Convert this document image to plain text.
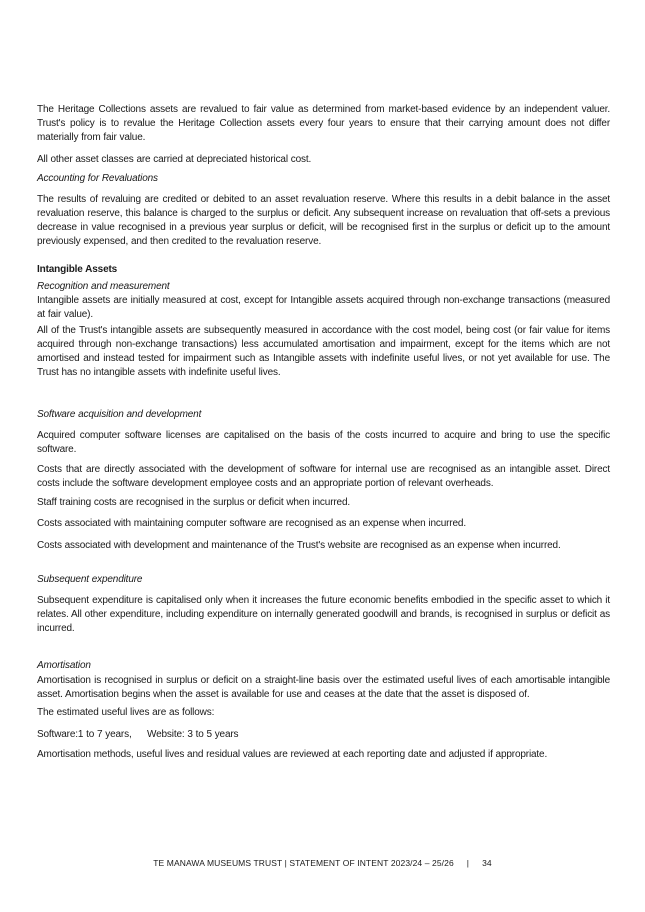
The Heritage Collections assets are revalued to fair value as determined from market-based evidence by an independent valuer. Trust's policy is to revalue the Heritage Collection assets every four years to ensure that their carrying amount does not differ materially from fair value.

All other asset classes are carried at depreciated historical cost.

Accounting for Revaluations

The results of revaluing are credited or debited to an asset revaluation reserve. Where this results in a debit balance in the asset revaluation reserve, this balance is charged to the surplus or deficit. Any subsequent increase on revaluation that off-sets a previous decrease in value recognised in a previous year surplus or deficit, will be recognised first in the surplus or deficit up to the amount previously expensed, and then credited to the revaluation reserve.

Intangible Assets

Recognition and measurement

Intangible assets are initially measured at cost, except for Intangible assets acquired through non-exchange transactions (measured at fair value).

All of the Trust's intangible assets are subsequently measured in accordance with the cost model, being cost (or fair value for items acquired through non-exchange transactions) less accumulated amortisation and impairment, except for the items which are not amortised and instead tested for impairment such as Intangible assets with indefinite useful lives, or not yet available for use. The Trust has no intangible assets with indefinite useful lives.

Software acquisition and development

Acquired computer software licenses are capitalised on the basis of the costs incurred to acquire and bring to use the specific software.

Costs that are directly associated with the development of software for internal use are recognised as an intangible asset. Direct costs include the software development employee costs and an appropriate portion of relevant overheads.

Staff training costs are recognised in the surplus or deficit when incurred.

Costs associated with maintaining computer software are recognised as an expense when incurred.

Costs associated with development and maintenance of the Trust's website are recognised as an expense when incurred.

Subsequent expenditure

Subsequent expenditure is capitalised only when it increases the future economic benefits embodied in the specific asset to which it relates. All other expenditure, including expenditure on internally generated goodwill and brands, is recognised in surplus or deficit as incurred.

Amortisation

Amortisation is recognised in surplus or deficit on a straight-line basis over the estimated useful lives of each amortisable intangible asset. Amortisation begins when the asset is available for use and ceases at the date that the asset is disposed of.

The estimated useful lives are as follows:

Software:1 to 7 years, Website: 3 to 5 years

Amortisation methods, useful lives and residual values are reviewed at each reporting date and adjusted if appropriate.

TE MANAWA MUSEUMS TRUST | STATEMENT OF INTENT 2023/24 – 25/26 | 34
